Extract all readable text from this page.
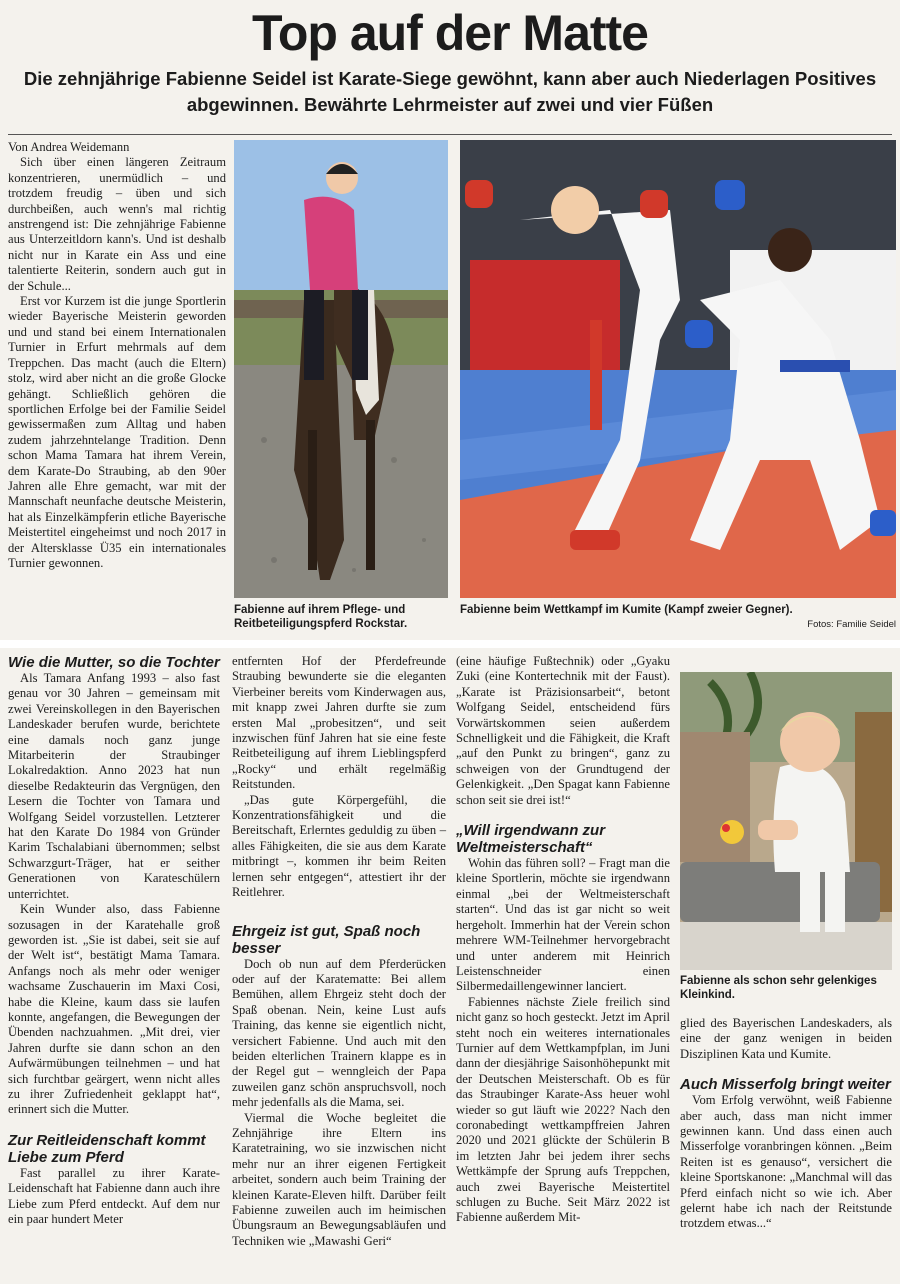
Top auf der Matte
Die zehnjährige Fabienne Seidel ist Karate-Siege gewöhnt, kann aber auch Niederlagen Positives abgewinnen. Bewährte Lehrmeister auf zwei und vier Füßen

Von Andrea Weidemann

Sich über einen längeren Zeitraum konzentrieren, unermüdlich – und trotzdem freudig – üben und sich durchbeißen, auch wenn's mal richtig anstrengend ist: Die zehnjährige Fabienne aus Unterzeitldorn kann's. Und ist deshalb nicht nur in Karate ein Ass und eine talentierte Reiterin, sondern auch gut in der Schule...

Erst vor Kurzem ist die junge Sportlerin wieder Bayerische Meisterin geworden und und stand bei einem Internationalen Turnier in Erfurt mehrmals auf dem Treppchen. Das macht (auch die Eltern) stolz, wird aber nicht an die große Glocke gehängt. Schließlich gehören die sportlichen Erfolge bei der Familie Seidel gewissermaßen zum Alltag und haben zudem jahrzehntelange Tradition. Denn schon Mama Tamara hat ihrem Verein, dem Karate-Do Straubing, ab den 90er Jahren alle Ehre gemacht, war mit der Mannschaft neunfache deutsche Meisterin, hat als Einzelkämpferin etliche Bayerische Meistertitel eingeheimst und noch 2017 in der Altersklasse Ü35 ein internationales Turnier gewonnen.

Fabienne auf ihrem Pflege- und Reitbeteiligungspferd Rockstar.
Fabienne beim Wettkampf im Kumite (Kampf zweier Gegner).
Fotos: Familie Seidel

Wie die Mutter, so die Tochter

Als Tamara Anfang 1993 – also fast genau vor 30 Jahren – gemeinsam mit zwei Vereinskollegen in den Bayerischen Landeskader berufen wurde, berichtete eine damals noch ganz junge Mitarbeiterin der Straubinger Lokalredaktion. Anno 2023 hat nun dieselbe Redakteurin das Vergnügen, den Lesern die Tochter von Tamara und Wolfgang Seidel vorzustellen. Letzterer hat den Karate Do 1984 von Gründer Karim Tschalabiani übernommen; selbst Schwarzgurt-Träger, hat er seither Generationen von Karateschülern unterrichtet.

Kein Wunder also, dass Fabienne sozusagen in der Karatehalle groß geworden ist. „Sie ist dabei, seit sie auf der Welt ist“, bestätigt Mama Tamara. Anfangs noch als mehr oder weniger wachsame Zuschauerin im Maxi Cosi, habe die Kleine, kaum dass sie laufen konnte, angefangen, die Bewegungen der Übenden nachzuahmen. „Mit drei, vier Jahren durfte sie dann schon an den Aufwärmübungen teilnehmen – und hat sich furchtbar geärgert, wenn nicht alles zu ihrer Zufriedenheit geklappt hat“, erinnert sich die Mutter.

Zur Reitleidenschaft kommt Liebe zum Pferd

Fast parallel zu ihrer Karate-Leidenschaft hat Fabienne dann auch ihre Liebe zum Pferd entdeckt. Auf dem nur ein paar hundert Meter

entfernten Hof der Pferdefreunde Straubing bewunderte sie die eleganten Vierbeiner bereits vom Kinderwagen aus, mit knapp zwei Jahren durfte sie zum ersten Mal „probesitzen“, und seit inzwischen fünf Jahren hat sie eine feste Reitbeteiligung auf ihrem Lieblingspferd „Rocky“ und erhält regelmäßig Reitstunden.

„Das gute Körpergefühl, die Konzentrationsfähigkeit und die Bereitschaft, Erlerntes geduldig zu üben – alles Fähigkeiten, die sie aus dem Karate mitbringt –, kommen ihr beim Reiten lernen sehr entgegen“, attestiert ihr der Reitlehrer.

Ehrgeiz ist gut, Spaß noch besser

Doch ob nun auf dem Pferderücken oder auf der Karatematte: Bei allem Bemühen, allem Ehrgeiz steht doch der Spaß obenan. Nein, keine Lust aufs Training, das kenne sie eigentlich nicht, versichert Fabienne. Und auch mit den beiden elterlichen Trainern klappe es in der Regel gut – wenngleich der Papa zuweilen ganz schön anspruchsvoll, noch mehr jedenfalls als die Mama, sei.

Viermal die Woche begleitet die Zehnjährige ihre Eltern ins Karatetraining, wo sie inzwischen nicht mehr nur an ihrer eigenen Fertigkeit arbeitet, sondern auch beim Training der kleinen Karate-Eleven hilft. Darüber feilt Fabienne zuweilen auch im heimischen Übungsraum an Bewegungsabläufen und Techniken wie „Mawashi Geri“

(eine häufige Fußtechnik) oder „Gyaku Zuki (eine Kontertechnik mit der Faust). „Karate ist Präzisionsarbeit“, betont Wolfgang Seidel, entscheidend fürs Vorwärtskommen seien außerdem Schnelligkeit und die Fähigkeit, die Kraft „auf den Punkt zu bringen“, ganz zu schweigen von der Grundtugend der Gelenkigkeit. „Den Spagat kann Fabienne schon seit sie drei ist!“

„Will irgendwann zur Weltmeisterschaft“

Wohin das führen soll? – Fragt man die kleine Sportlerin, möchte sie irgendwann einmal „bei der Weltmeisterschaft starten“. Und das ist gar nicht so weit hergeholt. Immerhin hat der Verein schon mehrere WM-Teilnehmer hervorgebracht und unter anderem mit Heinrich Leistenschneider einen Silbermedaillengewinner lanciert.

Fabiennes nächste Ziele freilich sind nicht ganz so hoch gesteckt. Jetzt im April steht noch ein weiteres internationales Turnier auf dem Wettkampfplan, im Juni dann der diesjährige Saisonhöhepunkt mit der Deutschen Meisterschaft. Ob es für das Straubinger Karate-Ass heuer wohl wieder so gut läuft wie 2022? Nach den coronabedingt wettkampffreien Jahren 2020 und 2021 glückte der Schülerin B im letzten Jahr bei jedem ihrer sechs Wettkämpfe der Sprung aufs Treppchen, auch zwei Bayerische Meistertitel schlugen zu Buche. Seit März 2022 ist Fabienne außerdem Mit-

Fabienne als schon sehr gelenkiges Kleinkind.

glied des Bayerischen Landeskaders, als eine der ganz wenigen in beiden Disziplinen Kata und Kumite.

Auch Misserfolg bringt weiter

Vom Erfolg verwöhnt, weiß Fabienne aber auch, dass man nicht immer gewinnen kann. Und dass einen auch Misserfolge voranbringen können. „Beim Reiten ist es genauso“, versichert die kleine Sportskanone: „Manchmal will das Pferd einfach nicht so wie ich. Aber gelernt habe ich nach der Reitstunde trotzdem etwas...“
